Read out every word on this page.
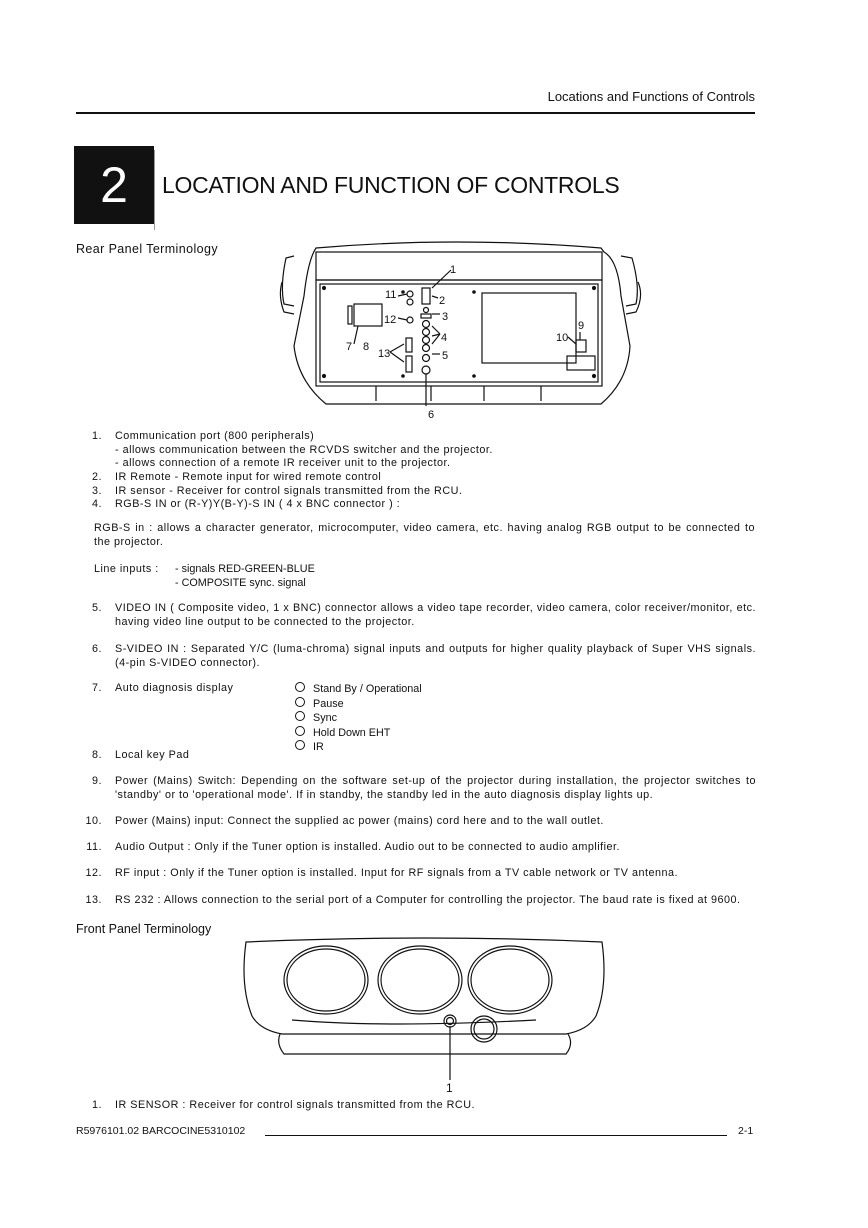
Locations and Functions of Controls
2	LOCATION AND FUNCTION OF CONTROLS
Rear Panel Terminology
1
2
3
4
5
6
7 8
9
10
11
12
13
1. Communication port (800 peripherals)
- allows communication between the RCVDS switcher and the projector.
- allows connection of a remote IR receiver unit to the projector.
2. IR Remote - Remote input for wired remote control
3. IR sensor - Receiver for control signals transmitted from the RCU.
4. RGB-S IN or (R-Y)Y(B-Y)-S IN ( 4 x BNC connector ) :
RGB-S in : allows a character generator, microcomputer, video camera, etc. having analog RGB output to be connected to the projector.
Line inputs : - signals RED-GREEN-BLUE
- COMPOSITE sync. signal
5. VIDEO IN ( Composite video, 1 x BNC) connector allows a video tape recorder, video camera, color receiver/monitor, etc. having video line output to be connected to the projector.
6. S-VIDEO IN : Separated Y/C (luma-chroma) signal inputs and outputs for higher quality playback of Super VHS signals. (4-pin S-VIDEO connector).
7. Auto diagnosis display	Stand By / Operational
Pause
Sync
Hold Down EHT
IR
8. Local key Pad
9. Power (Mains) Switch: Depending on the software set-up of the projector during installation, the projector switches to 'standby' or to 'operational mode'. If in standby, the standby led in the auto diagnosis display lights up.
10. Power (Mains) input: Connect the supplied ac power (mains) cord here and to the wall outlet.
11. Audio Output : Only if the Tuner option is installed. Audio out to be connected to audio amplifier.
12. RF input : Only if the Tuner option is installed. Input for RF signals from a TV cable network or TV antenna.
13. RS 232 : Allows connection to the serial port of a Computer for controlling the projector. The baud rate is fixed at 9600.
Front Panel Terminology
1
1. IR SENSOR : Receiver for control signals transmitted from the RCU.
R5976101.02 BARCOCINE5310102	2-1
